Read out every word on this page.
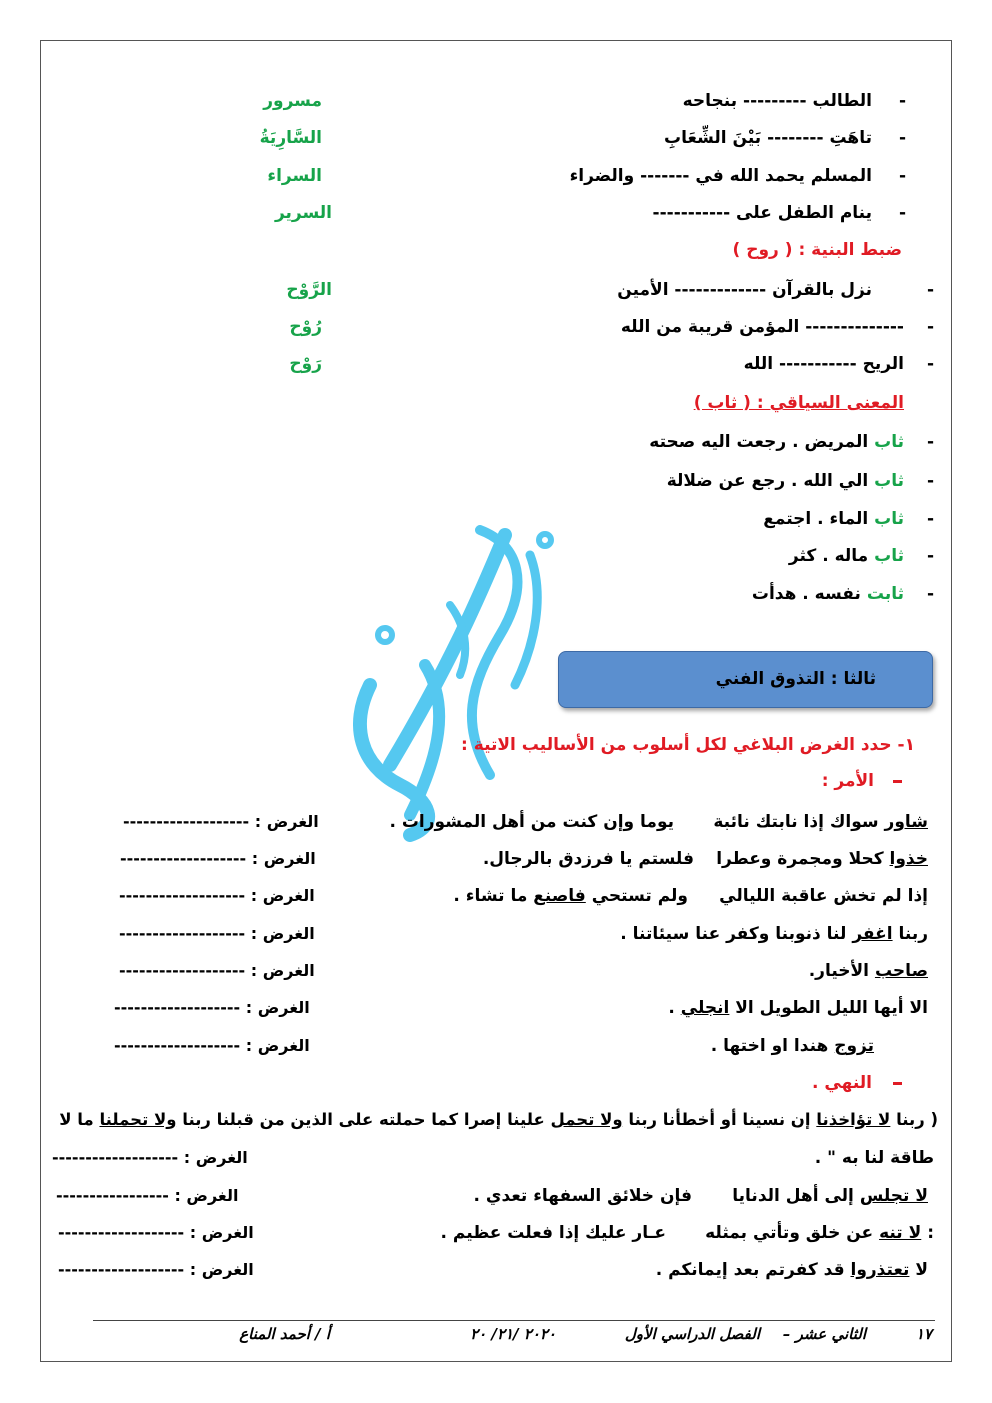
-
الطالب --------- بنجاحه
مسرور
-
تاهَتِ -------- بَيْنَ الشِّعَابِ
السَّارِيَةُ
-
المسلم يحمد الله في ------- والضراء
السراء
-
ينام الطفل على -----------
السرير
ضبط البنية : ( روح )
-
نزل بالقرآن ------------- الأمين
الرَّوْح
-
-------------- المؤمن قريبة من الله
رُوْح
-
الريح ----------- الله
رَوْح
المعنى السياقي : ( ثاب )
-
ثاب المريض . رجعت اليه صحته
-
ثاب الي الله . رجع عن ضلالة
-
ثاب الماء . اجتمع
-
ثاب ماله . كثر
-
ثابت نفسه . هدأت
ثالثا : التذوق الفني
١- حدد الغرض البلاغي لكل أسلوب من الأساليب الاتية :
الأمر :
شاور سواك إذا نابتك نائبة
يوما وإن كنت من أهل المشورات .
الغرض : -------------------
خذوا كحلا ومجمرة وعطرا
فلستم يا فرزدق بالرجال.
الغرض : -------------------
إذا لم تخش عاقبة الليالي
ولم تستحي فاصنع ما تشاء .
الغرض : -------------------
ربنا اغفر لنا ذنوبنا وكفر عنا سيئاتنا .
الغرض : -------------------
صاحب الأخيار.
الغرض : -------------------
الا أيها الليل الطويل الا انجلي .
الغرض : -------------------
تزوج هندا او اختها .
الغرض : -------------------
النهي .
( ربنا لا تؤاخذنا إن نسينا أو أخطأنا ربنا ولا تحمل علينا إصرا كما حملته على الذين من قبلنا ربنا ولا تحملنا ما لا
طاقة لنا به " .
الغرض : -------------------
لا تجلس إلى أهل الدنايا
فإن خلائق السفهاء تعدي .
الغرض : -----------------
: لا تنه عن خلق وتأتي بمثله
عـار عليك إذا فعلت عظيم .
الغرض : -------------------
لا تعتذروا قد كفرتم بعد إيمانكم .
الغرض : -------------------
١٧
الثاني عشر –
الفصل الدراسي الأول
٢٠٢٠ /٢١/ ٢٠
أ / أحمد المناع
